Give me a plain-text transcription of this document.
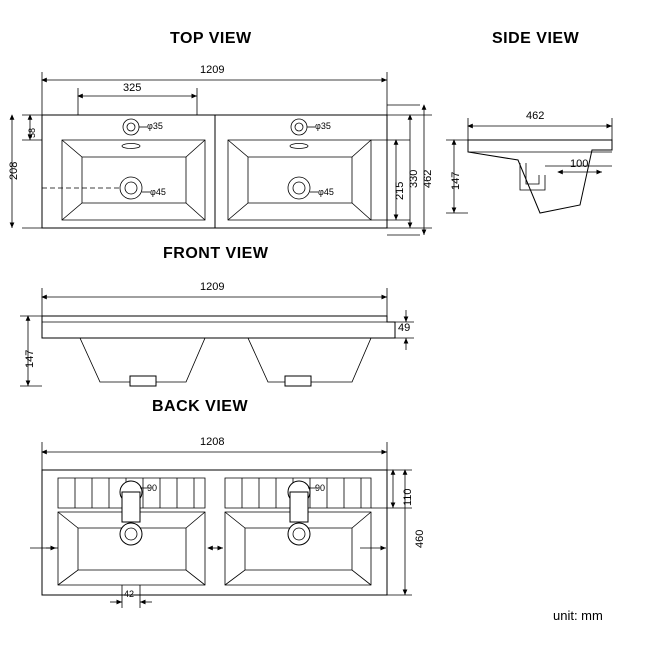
TOP VIEW	SIDE VIEW
FRONT VIEW
BACK VIEW
1209
325
208
58
462
330
215
φ35	φ35
φ45	φ45
462
147
100
1209
147
49
1208
110
460
90	90
42
unit: mm
